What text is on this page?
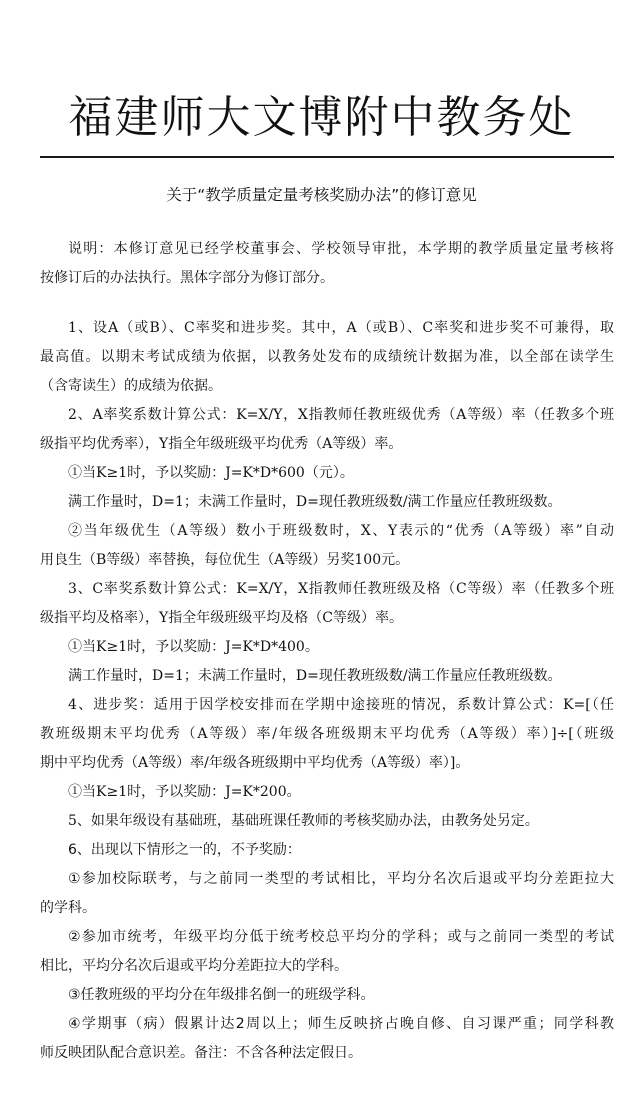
福建师大文博附中教务处
关于“教学质量定量考核奖励办法”的修订意见
说明：本修订意见已经学校董事会、学校领导审批，本学期的教学质量定量考核将
按修订后的办法执行。黑体字部分为修订部分。
1、设A（或B）、C率奖和进步奖。其中，A（或B）、C率奖和进步奖不可兼得，取
最高值。以期末考试成绩为依据，以教务处发布的成绩统计数据为准，以全部在读学生
（含寄读生）的成绩为依据。
2、A率奖系数计算公式：K=X/Y，X指教师任教班级优秀（A等级）率（任教多个班
级指平均优秀率），Y指全年级班级平均优秀（A等级）率。
①当K≥1时，予以奖励：J=K*D*600（元）。
满工作量时，D=1；未满工作量时，D=现任教班级数/满工作量应任教班级数。
②当年级优生（A等级）数小于班级数时，X、Y表示的“优秀（A等级）率”自动
用良生（B等级）率替换，每位优生（A等级）另奖100元。
3、C率奖系数计算公式：K=X/Y，X指教师任教班级及格（C等级）率（任教多个班
级指平均及格率），Y指全年级班级平均及格（C等级）率。
①当K≥1时，予以奖励：J=K*D*400。
满工作量时，D=1；未满工作量时，D=现任教班级数/满工作量应任教班级数。
4、进步奖：适用于因学校安排而在学期中途接班的情况，系数计算公式：K=[（任
教班级期末平均优秀（A等级）率/年级各班级期末平均优秀（A等级）率）]÷[（班级
期中平均优秀（A等级）率/年级各班级期中平均优秀（A等级）率）]。
①当K≥1时，予以奖励：J=K*200。
5、如果年级设有基础班，基础班课任教师的考核奖励办法，由教务处另定。
6、出现以下情形之一的，不予奖励：
①参加校际联考，与之前同一类型的考试相比，平均分名次后退或平均分差距拉大
的学科。
②参加市统考，年级平均分低于统考校总平均分的学科；或与之前同一类型的考试
相比，平均分名次后退或平均分差距拉大的学科。
③任教班级的平均分在年级排名倒一的班级学科。
④学期事（病）假累计达2周以上；师生反映挤占晚自修、自习课严重；同学科教
师反映团队配合意识差。备注：不含各种法定假日。
